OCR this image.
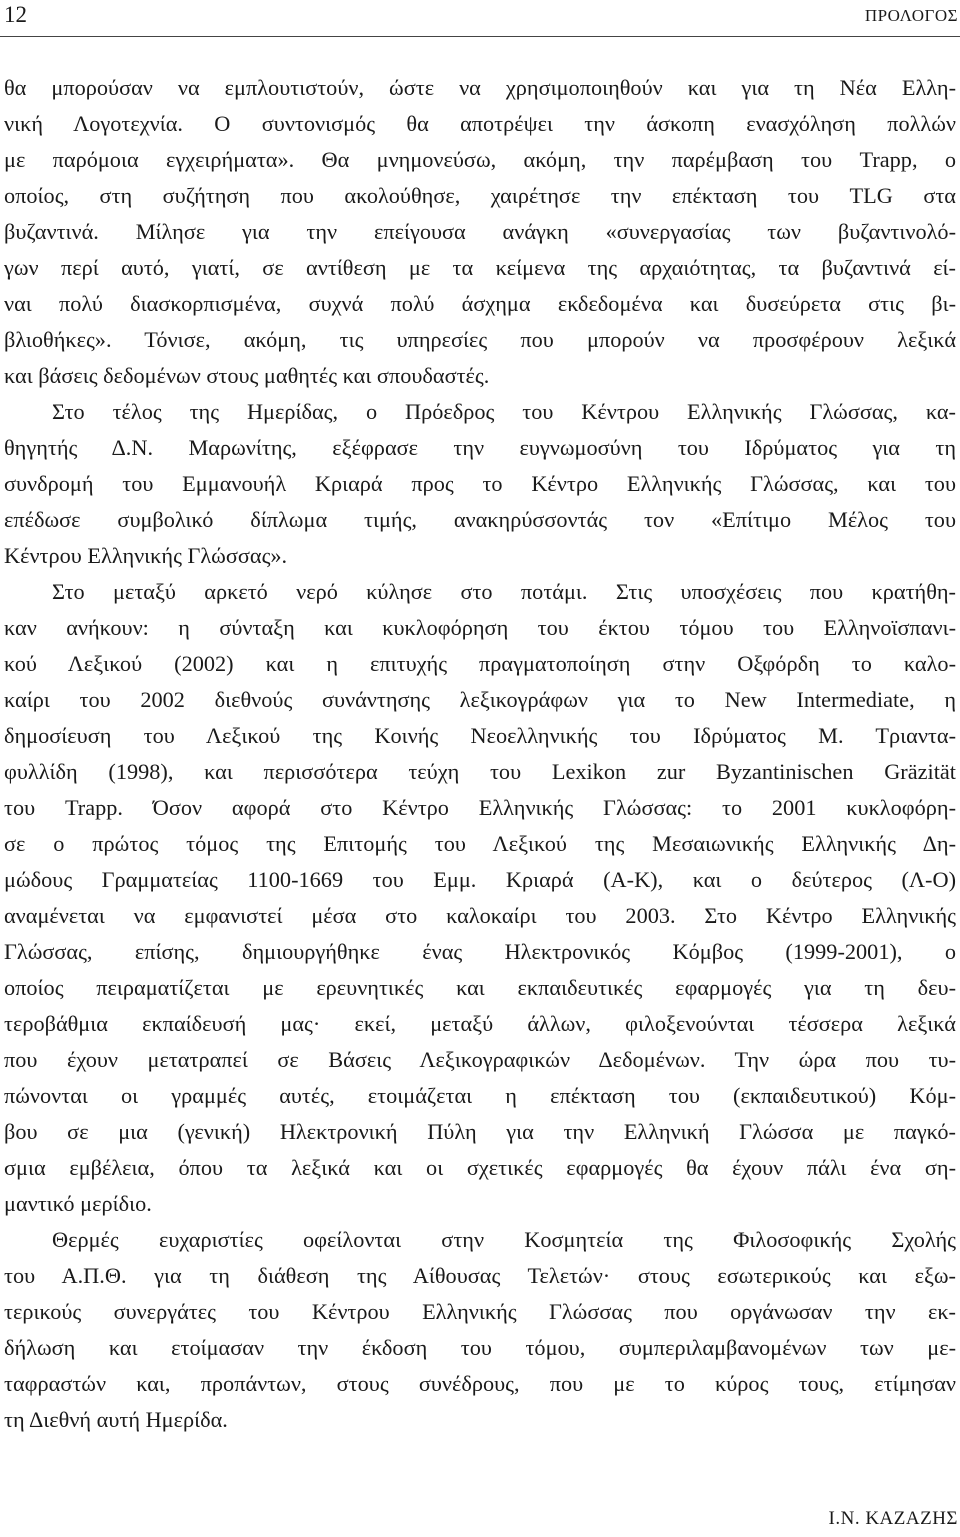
12	ΠΡΟΛΟΓΟΣ
θα μπορούσαν να εμπλουτιστούν, ώστε να χρησιμοποιηθούν και για τη Νέα Ελλη-
νική Λογοτεχνία. Ο συντονισμός θα αποτρέψει την άσκοπη ενασχόληση πολλών
με παρόμοια εγχειρήματα». Θα μνημονεύσω, ακόμη, την παρέμβαση του Trapp, ο
οποίος, στη συζήτηση που ακολούθησε, χαιρέτησε την επέκταση του TLG στα
βυζαντινά. Μίλησε για την επείγουσα ανάγκη «συνεργασίας των βυζαντινολό-
γων περί αυτό, γιατί, σε αντίθεση με τα κείμενα της αρχαιότητας, τα βυζαντινά εί-
ναι πολύ διασκορπισμένα, συχνά πολύ άσχημα εκδεδομένα και δυσεύρετα στις βι-
βλιοθήκες». Τόνισε, ακόμη, τις υπηρεσίες που μπορούν να προσφέρουν λεξικά
και βάσεις δεδομένων στους μαθητές και σπουδαστές.
Στο τέλος της Ημερίδας, ο Πρόεδρος του Κέντρου Ελληνικής Γλώσσας, κα-
θηγητής Δ.Ν. Μαρωνίτης, εξέφρασε την ευγνωμοσύνη του Ιδρύματος για τη
συνδρομή του Εμμανουήλ Κριαρά προς το Κέντρο Ελληνικής Γλώσσας, και του
επέδωσε συμβολικό δίπλωμα τιμής, ανακηρύσσοντάς τον «Επίτιμο Μέλος του
Κέντρου Ελληνικής Γλώσσας».
Στο μεταξύ αρκετό νερό κύλησε στο ποτάμι. Στις υποσχέσεις που κρατήθη-
καν ανήκουν: η σύνταξη και κυκλοφόρηση του έκτου τόμου του Ελληνοϊσπανι-
κού Λεξικού (2002) και η επιτυχής πραγματοποίηση στην Οξφόρδη το καλο-
καίρι του 2002 διεθνούς συνάντησης λεξικογράφων για το New Intermediate, η
δημοσίευση του Λεξικού της Κοινής Νεοελληνικής του Ιδρύματος Μ. Τριαντα-
φυλλίδη (1998), και περισσότερα τεύχη του Lexikon zur Byzantinischen Gräzität
του Trapp. Όσον αφορά στο Κέντρο Ελληνικής Γλώσσας: το 2001 κυκλοφόρη-
σε ο πρώτος τόμος της Επιτομής του Λεξικού της Μεσαιωνικής Ελληνικής Δη-
μώδους Γραμματείας 1100-1669 του Εμμ. Κριαρά (Α-Κ), και ο δεύτερος (Λ-Ο)
αναμένεται να εμφανιστεί μέσα στο καλοκαίρι του 2003. Στο Κέντρο Ελληνικής
Γλώσσας, επίσης, δημιουργήθηκε ένας Ηλεκτρονικός Κόμβος (1999-2001), ο
οποίος πειραματίζεται με ερευνητικές και εκπαιδευτικές εφαρμογές για τη δευ-
τεροβάθμια εκπαίδευσή μας· εκεί, μεταξύ άλλων, φιλοξενούνται τέσσερα λεξικά
που έχουν μετατραπεί σε Βάσεις Λεξικογραφικών Δεδομένων. Την ώρα που τυ-
πώνονται οι γραμμές αυτές, ετοιμάζεται η επέκταση του (εκπαιδευτικού) Κόμ-
βου σε μια (γενική) Ηλεκτρονική Πύλη για την Ελληνική Γλώσσα με παγκό-
σμια εμβέλεια, όπου τα λεξικά και οι σχετικές εφαρμογές θα έχουν πάλι ένα ση-
μαντικό μερίδιο.
Θερμές ευχαριστίες οφείλονται στην Κοσμητεία της Φιλοσοφικής Σχολής
του Α.Π.Θ. για τη διάθεση της Αίθουσας Τελετών· στους εσωτερικούς και εξω-
τερικούς συνεργάτες του Κέντρου Ελληνικής Γλώσσας που οργάνωσαν την εκ-
δήλωση και ετοίμασαν την έκδοση του τόμου, συμπεριλαμβανομένων των με-
ταφραστών και, προπάντων, στους συνέδρους, που με το κύρος τους, ετίμησαν
τη Διεθνή αυτή Ημερίδα.
Ι.Ν. ΚΑΖΑΖΗΣ
